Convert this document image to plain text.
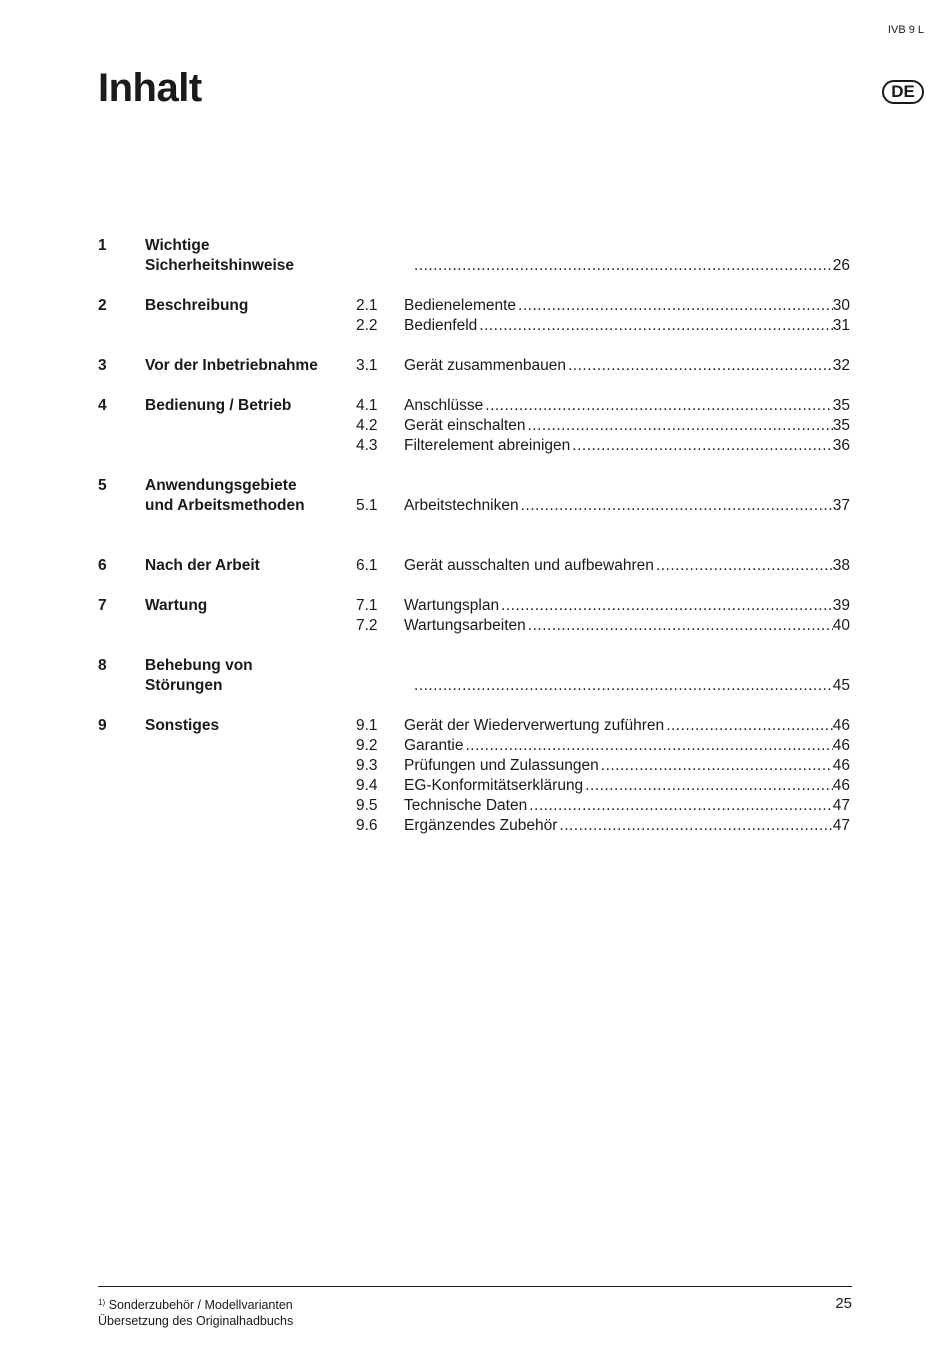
IVB 9 L
Inhalt	DE
1 Wichtige
Sicherheitshinweise .....	26
2 Beschreibung	2.1	Bedienelemente .....	30
2.2	Bedienfeld .....	31
3 Vor der Inbetriebnahme	3.1	Gerät zusammenbauen .....	32
4 Bedienung / Betrieb	4.1	Anschlüsse .....	35
4.2	Gerät einschalten .....	35
4.3	Filterelement abreinigen .....	36
5 Anwendungsgebiete
und Arbeitsmethoden	5.1	Arbeitstechniken .....	37
6 Nach der Arbeit	6.1	Gerät ausschalten und aufbewahren .....	38
7 Wartung	7.1	Wartungsplan .....	39
7.2	Wartungsarbeiten .....	40
8 Behebung von
Störungen .....	45
9 Sonstiges	9.1	Gerät der Wiederverwertung zuführen .....	46
9.2	Garantie .....	46
9.3	Prüfungen und Zulassungen .....	46
9.4	EG-Konformitätserklärung .....	46
9.5	Technische Daten .....	47
9.6	Ergänzendes Zubehör .....	47
$^{1)}$ Sonderzubehör / Modellvarianten
Übersetzung des Originalhadbuchs
25
